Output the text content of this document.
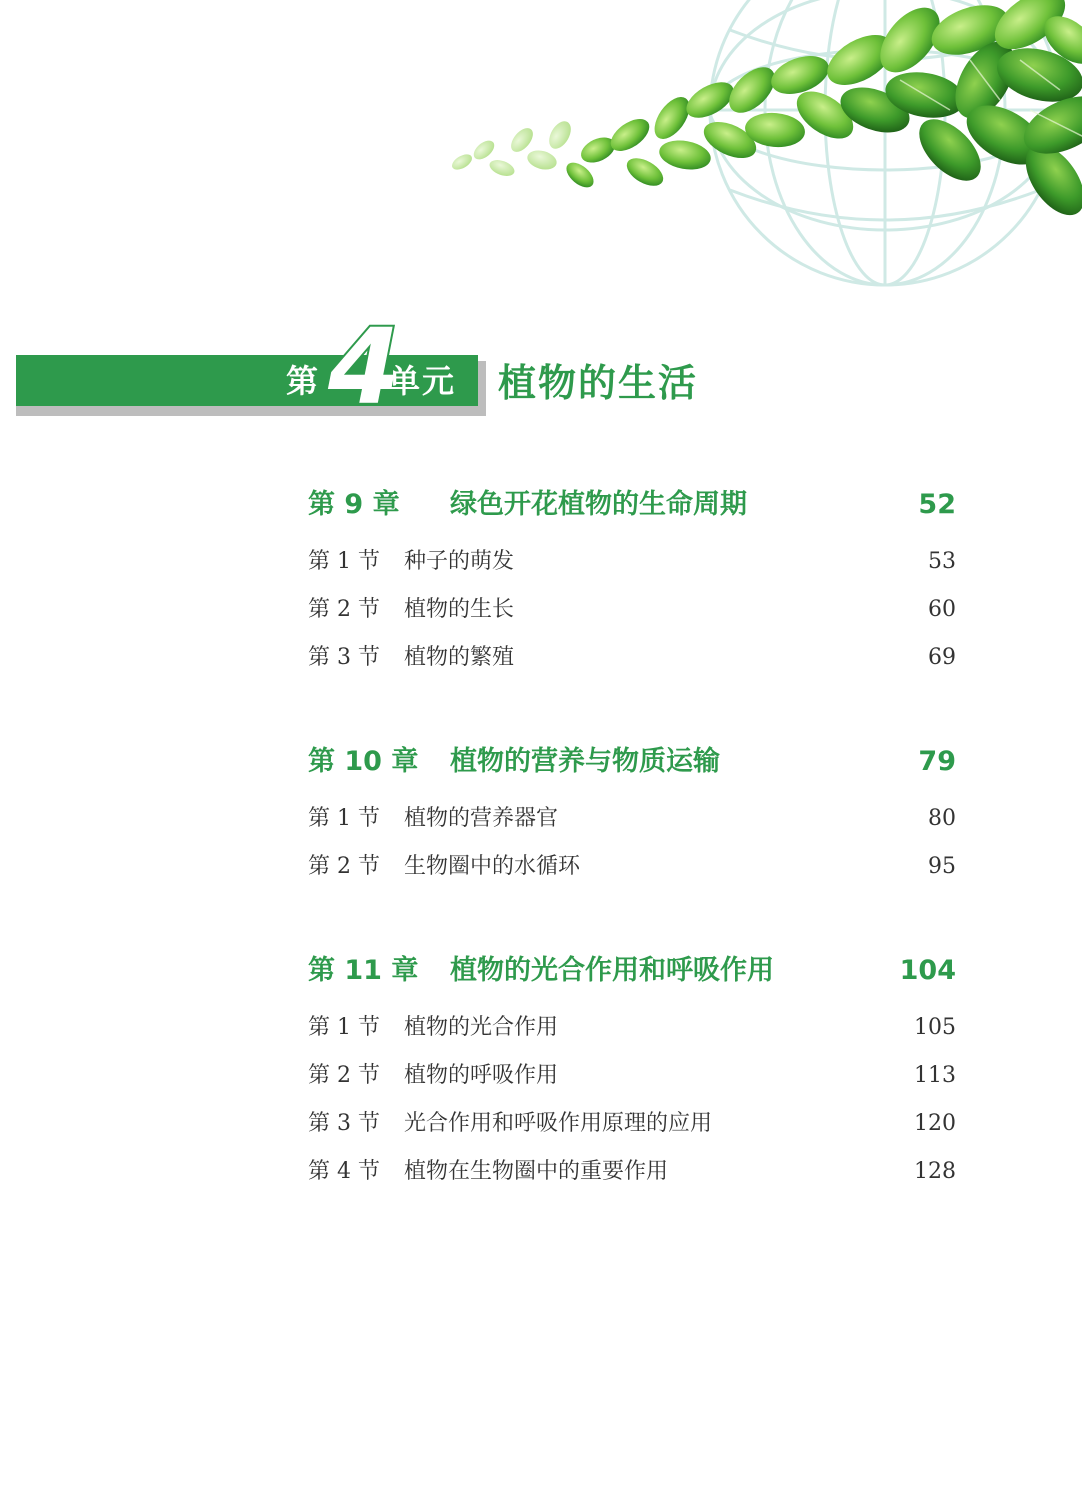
第 4
单元 植物的生活
第 9 章 绿色开花植物的生命周期	52
第 1 节 种子的萌发	53
第 2 节 植物的生长	60
第 3 节 植物的繁殖	69
第 10 章 植物的营养与物质运输	79
第 1 节 植物的营养器官	80
第 2 节 生物圈中的水循环	95
第 11 章 植物的光合作用和呼吸作用	104
第 1 节 植物的光合作用	105
第 2 节 植物的呼吸作用	113
第 3 节 光合作用和呼吸作用原理的应用	120
第 4 节 植物在生物圈中的重要作用	128
